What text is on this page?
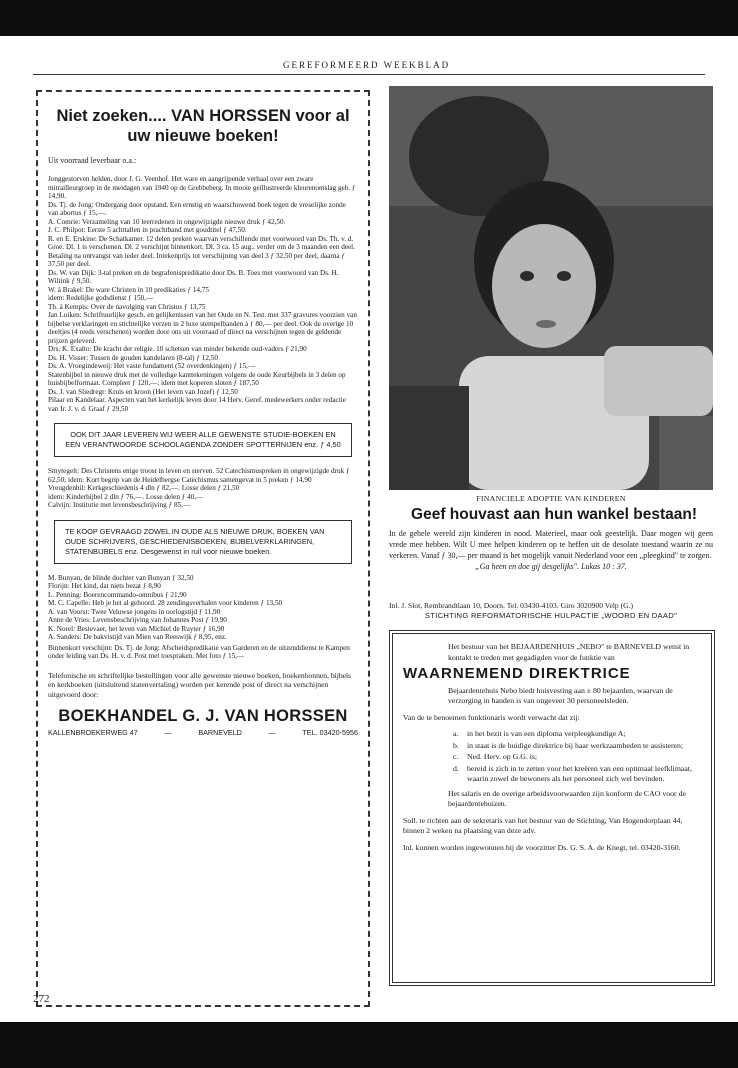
GEREFORMEERD WEEKBLAD
Niet zoeken.... VAN HORSSEN voor al uw nieuwe boeken!

Uit voorraad leverbaar o.a.:

Jonggestorven helden, door J. G. Veenhof. Het ware en aangrijpende verhaal over een zware mitrailleurgroep in de meidagen van 1940 op de Grebbeberg. In mooie geïllustreerde kleurenomslag geb. ƒ 14,90.

Ds. Tj. de Jong: Ondergang door opstand. Een ernstig en waarschuwend boek tegen de vreselijke zonde van abortus ƒ 15,—.

A. Comrie: Verzameling van 10 leerredenen in ongewijzigde nieuwe druk ƒ 42,50.

J. C. Philpot: Eerste 5 achttallen in prachtband met goudtitel ƒ 47,50.

R. en E. Erskine: De Schatkamer. 12 delen preken waarvan verschillende met voorwoord van Ds. Th. v. d. Groe. Dl. 1 is verschenen. Dl. 2 verschijnt binnenkort. Dl. 3 ca. 15 aug., verder om de 3 maanden een deel. Betaling na ontvangst van ieder deel. Intekenprijs tot verschijning van deel 3 ƒ 32,50 per deel, daarna ƒ 37,50 per deel.

Ds. W. van Dijk: 3-tal preken en de begrafenispredikatie door Ds. B. Toes met voorwoord van Ds. H. Wiltink ƒ 9,50.

W. à Brakel: De ware Christen in 10 predikaties ƒ 14,75

idem: Redelijke godsdienst ƒ 150,—

Th. à Kempis: Over de navolging van Christus ƒ 13,75

Jan Luiken: Schriftuurlijke gesch. en gelijkenissen van het Oude en N. Test. met 337 gravures voorzien van bijbelse verklaringen en stichtelijke verzen in 2 luxe stempelbanden à ƒ 80,— per deel. Ook de overige 10 deeltjes (4 reeds verschenen) worden door ons uit voorraad of direct na verschijnen tegen de geldende prijzen geleverd.

Drs. K. Exalto: De kracht der religie. 10 schetsen van minder bekende oud-vaders ƒ 21,90

Ds. H. Visser: Tussen de gouden kandelaren (8-tal) ƒ 12,50

Ds. A. Vroegindeweij: Het vaste fundament (52 overdenkingen) ƒ 15,—

Statenbijbel in nieuwe druk met de volledige kanttekeningen volgens de oude Keurbijbels in 3 delen op huisbijbelformaat. Compleet ƒ 120,—; idem met koperen sloten ƒ 187,50

Ds. J. van Sliedregt: Kruis en kroon (Het leven van Jozef) ƒ 12,50

Pilaar en Kandelaar. Aspecten van het kerkelijk leven door 14 Herv. Geref. medewerkers onder redactie van Ir. J. v. d. Graaf ƒ 29,50

OOK DIT JAAR LEVEREN WIJ WEER ALLE GEWENSTE STUDIE-BOEKEN EN EEN VERANTWOORDE SCHOOLAGENDA ZONDER SPOTTERNIJEN enz. ƒ 4,50

Smytegelt: Des Christens enige troost in leven en sterven. 52 Catechismuspreken in ongewijzigde druk ƒ 62,50; idem: Kort begrip van de Heidelbergse Catechismus samengevat in 5 preken ƒ 14,90

Vreugdenhil: Kerkgeschiedenis 4 dln ƒ 82,—. Losse delen ƒ 21,50

idem: Kinderbijbel 2 dln ƒ 76,—. Losse delen ƒ 40,—

Calvijn: Institutie met levensbeschrijving ƒ 85,—

TE KOOP GEVRAAGD ZOWEL IN OUDE ALS NIEUWE DRUK, BOEKEN VAN OUDE SCHRIJVERS, GESCHIEDENISBOEKEN, BIJBELVERKLARINGEN, STATENBIJBELS enz. Desgewenst in ruil voor nieuwe boeken.

M. Bunyan, de blinde dochter van Bunyan ƒ 32,50

Florijn: Het kind, dat niets bezat ƒ 8,90

L. Penning: Boerencommando-omnibus ƒ 21,90

M. C. Capelle: Heb je het al gehoord. 28 zendingsverhalen voor kinderen ƒ 13,50

A. van Voorst: Twee Veluwse jongens in oorlogstijd ƒ 11,90

Anne de Vries: Levensbeschrijving van Johannes Post ƒ 19,90

K. Norel: Bestevaer, het leven van Michiel de Ruyter ƒ 16,90

A. Sanders: De bakvistijd van Mien van Reeswijk ƒ 8,95, enz.

Binnenkort verschijnt: Ds. Tj. de Jong: Afscheidspredikatie van Garderen en de uitzenddienst te Kampen onder leiding van Ds. H. v. d. Post met toespraken. Met foto ƒ 15,—

Telefonische en schriftelijke bestellingen voor alle gewenste nieuwe boeken, boekenbonnen, bijbels en kerkboeken (uitsluitend statenvertaling) worden per kerende post of direct na verschijnen uitgevoerd door:

BOEKHANDEL G. J. VAN HORSSEN
KALLENBROEKERWEG 47	—	BARNEVELD	—	TEL. 03420-5956
FINANCIELE ADOPTIE VAN KINDEREN
Geef houvast aan hun wankel bestaan!
In de gehele wereld zijn kinderen in nood. Materieel, maar ook geestelijk. Daar mogen wij geen vrede mee hebben. Wilt U mee helpen kinderen op te heffen uit de desolate toestand waarin ze nu verkeren. Vanaf ƒ 30,— per maand is het mogelijk vanuit Nederland voor een „pleegkind" te zorgen.
„Ga heen en doe gij desgelijks". Lukas 10 : 37.
Inl. J. Slot, Rembrandtlaan 10, Doorn. Tel. 03430-4103. Giro 3020900 Velp (G.)
STICHTING REFORMATORISCHE HULPACTIE „WOORD EN DAAD"

Het bestuur van het BEJAARDENHUIS „NEBO" te BARNEVELD wenst in kontakt te treden met gegadigden voor de funktie van

WAARNEMEND DIREKTRICE

Bejaardentehuis Nebo biedt huisvesting aan ± 80 bejaarden, waarvan de verzorging in handen is van ongeveer 30 personeelsleden.

Van de te benoemen funktionaris wordt verwacht dat zij:

a. in het bezit is van een diploma verpleegkundige A;
b. in staat is de huidige direktrice bij haar werkzaamheden te assisteren;
c. Ned. Herv. op G.G. is;
d. bereid is zich in te zetten voor het kreëren van een optimaal leefklimaat, waarin zowel de bewoners als het personeel zich wel bevinden.

Het salaris en de overige arbeidsvoorwaarden zijn konform de CAO voor de bejaardentehuizen.

Soll. te richten aan de sekretaris van het bestuur van de Stichting, Van Hogendorplaan 44, binnen 2 weken na plaatsing van deze adv.

Inl. kunnen worden ingewonnen bij de voorzitter Ds. G. S. A. de Knegt, tel. 03420-3160.

272
